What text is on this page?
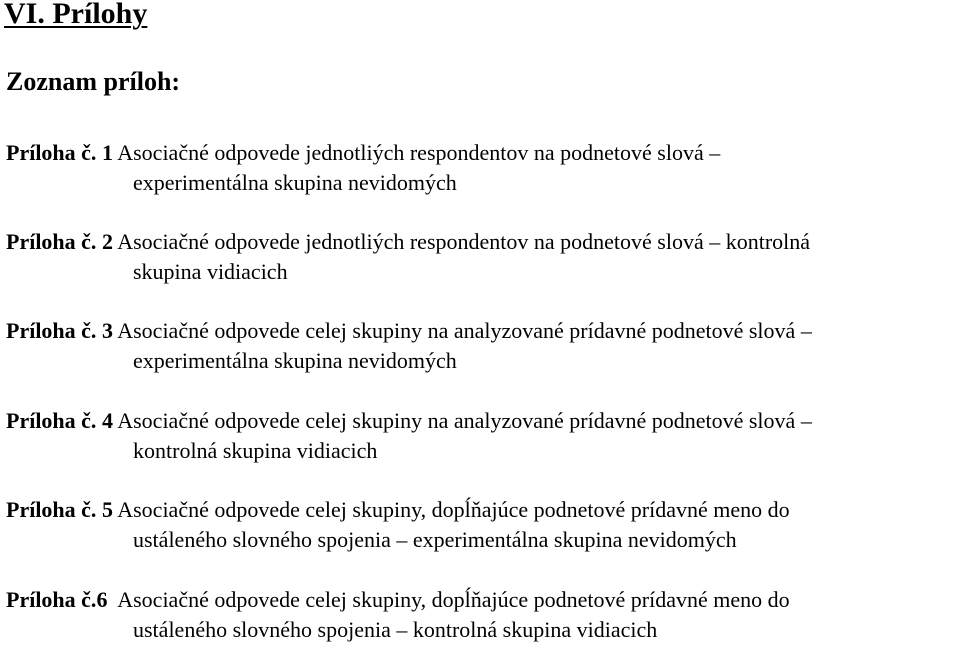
VI. Prílohy
Zoznam príloh:
Príloha č. 1 Asociačné odpovede jednotliých respondentov na podnetové slová –
experimentálna skupina nevidomých
Príloha č. 2 Asociačné odpovede jednotliých respondentov na podnetové slová – kontrolná
skupina vidiacich
Príloha č. 3 Asociačné odpovede celej skupiny na analyzované prídavné podnetové slová –
experimentálna skupina nevidomých
Príloha č. 4 Asociačné odpovede celej skupiny na analyzované prídavné podnetové slová –
kontrolná skupina vidiacich
Príloha č. 5 Asociačné odpovede celej skupiny, dopĺňajúce podnetové prídavné meno do
ustáleného slovného spojenia – experimentálna skupina nevidomých
Príloha č.6  Asociačné odpovede celej skupiny, dopĺňajúce podnetové prídavné meno do
ustáleného slovného spojenia – kontrolná skupina vidiacich
